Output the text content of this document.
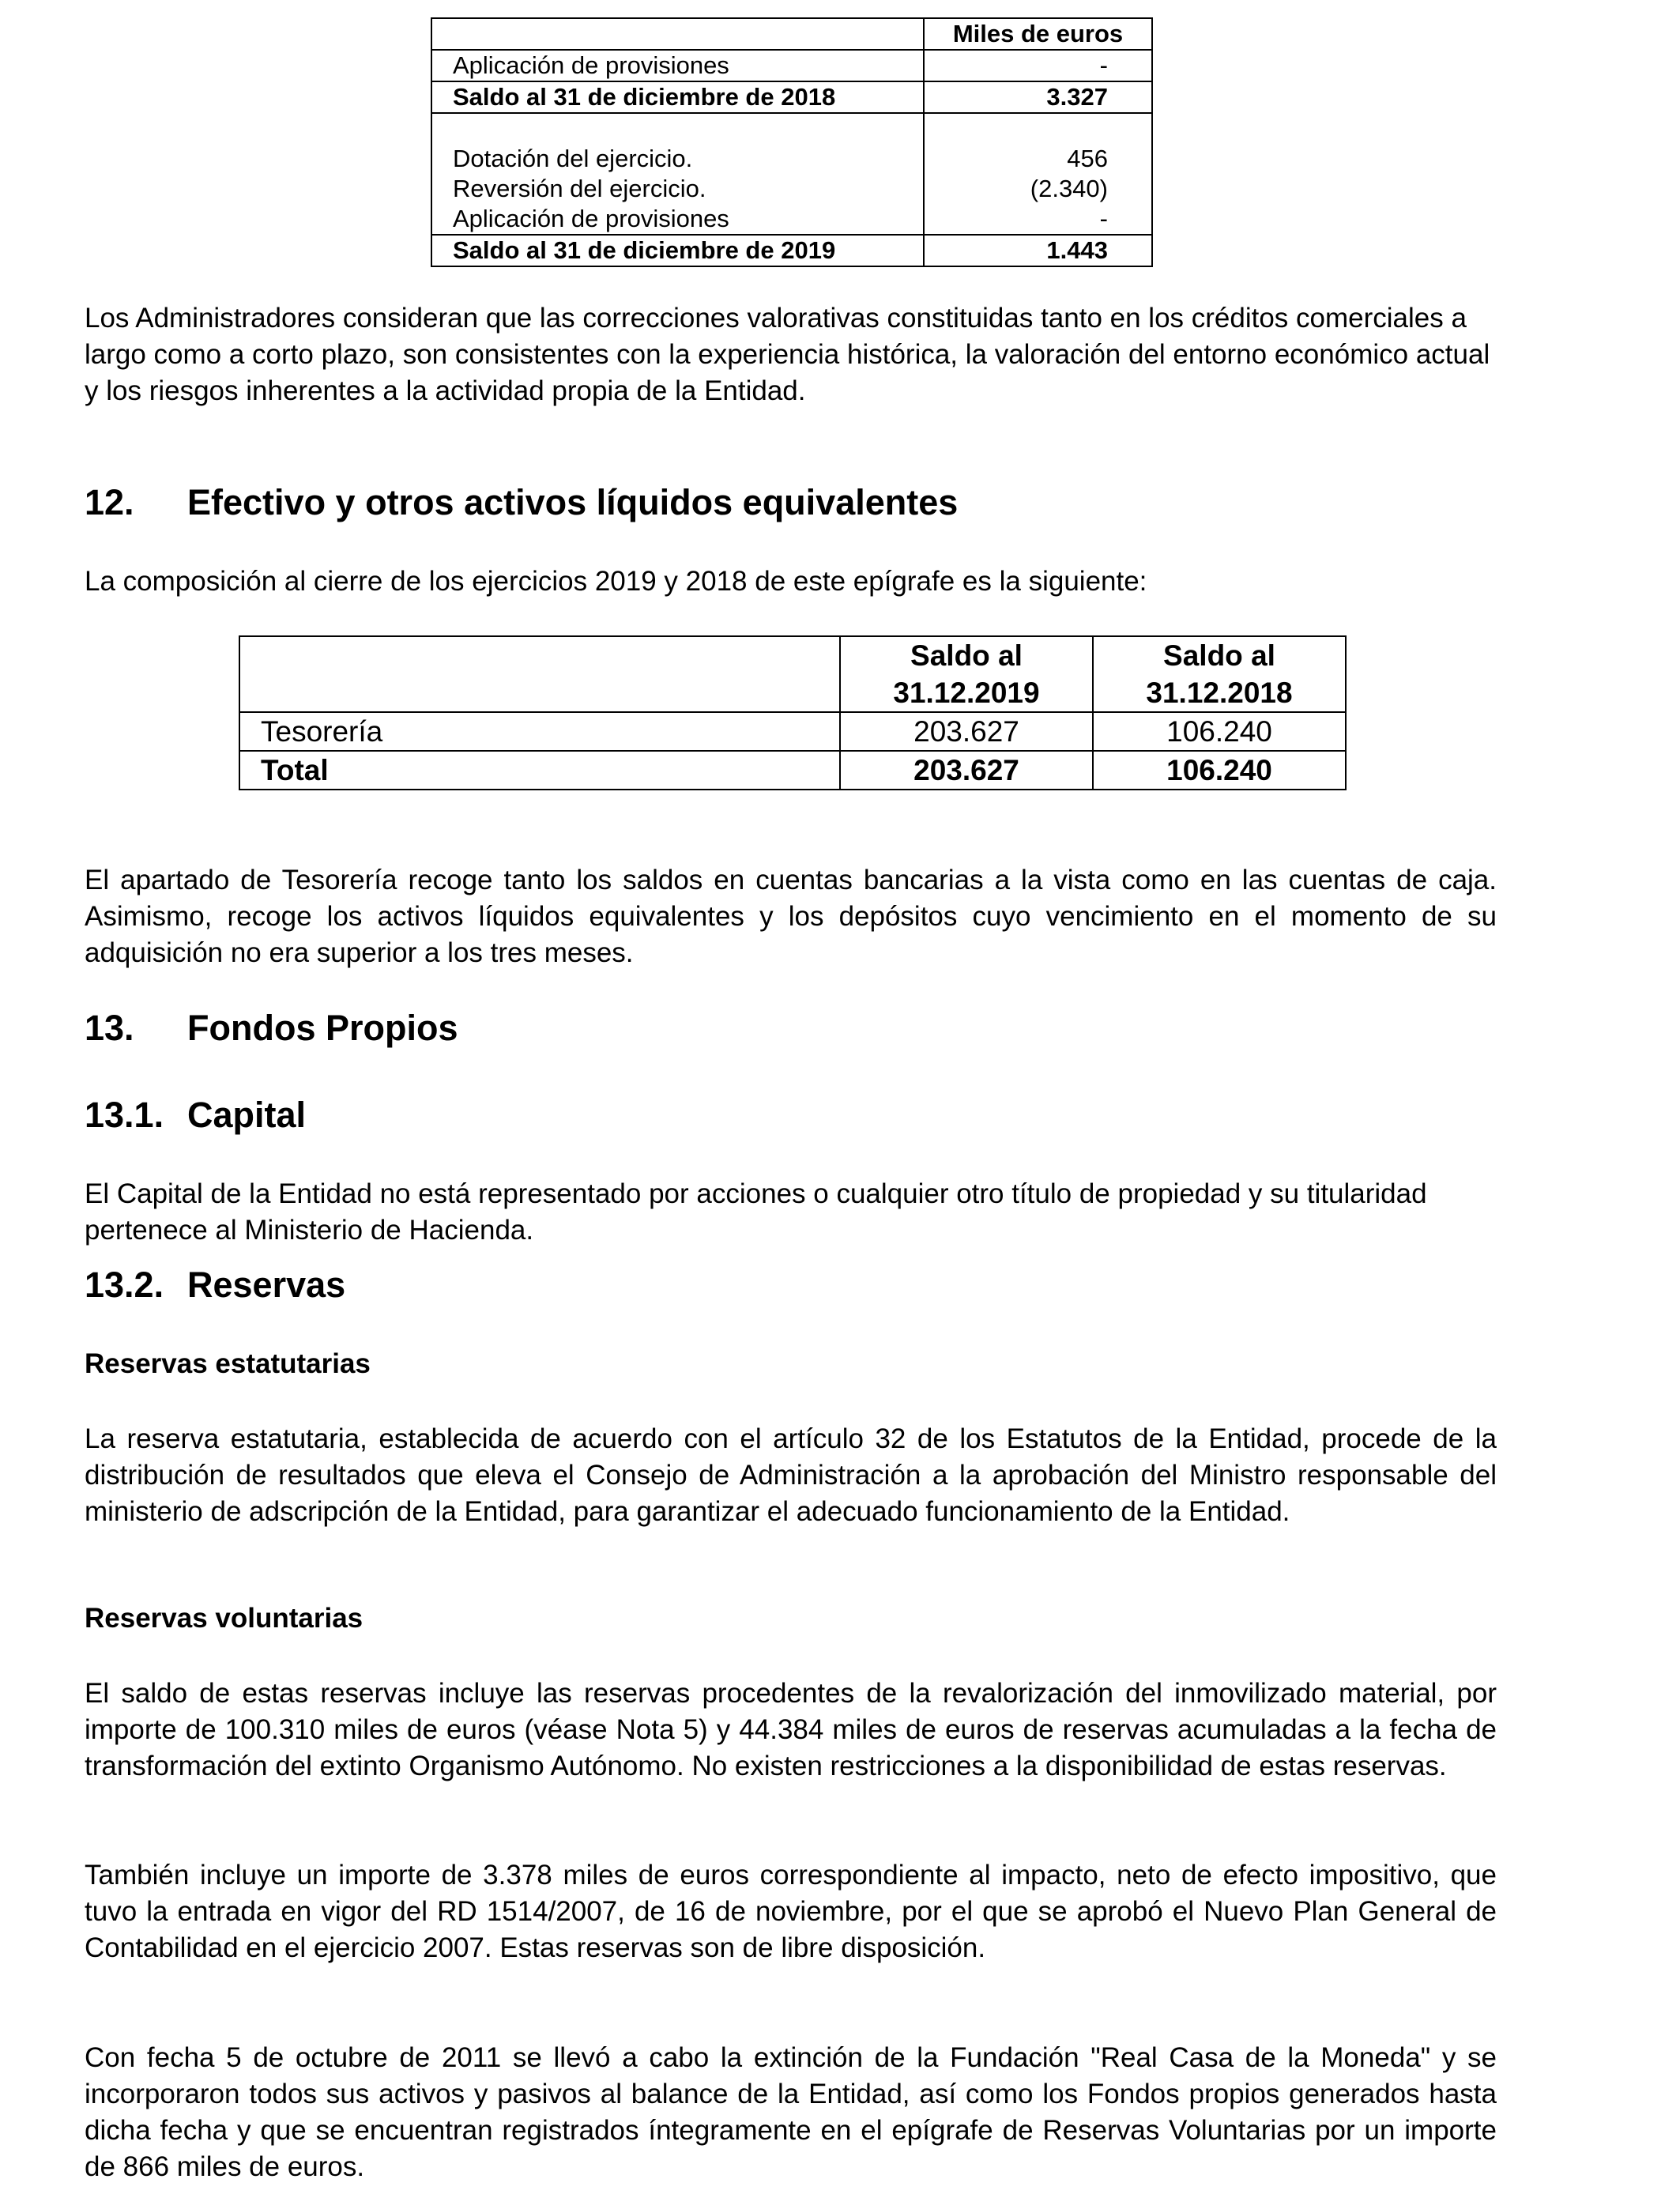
	Miles de euros
Aplicación de provisiones	-
Saldo al 31 de diciembre de 2018	3.327

Dotación del ejercicio.	456
Reversión del ejercicio.	(2.340)
Aplicación de provisiones	-
Saldo al 31 de diciembre de 2019	1.443

Los Administradores consideran que las correcciones valorativas constituidas tanto en los créditos comerciales a largo como a corto plazo, son consistentes con la experiencia histórica, la valoración del entorno económico actual y los riesgos inherentes a la actividad propia de la Entidad.

12. Efectivo y otros activos líquidos equivalentes

La composición al cierre de los ejercicios 2019 y 2018 de este epígrafe es la siguiente:

	Saldo al 31.12.2019	Saldo al 31.12.2018
Tesorería	203.627	106.240
Total	203.627	106.240

El apartado de Tesorería recoge tanto los saldos en cuentas bancarias a la vista como en las cuentas de caja. Asimismo, recoge los activos líquidos equivalentes y los depósitos cuyo vencimiento en el momento de su adquisición no era superior a los tres meses.

13. Fondos Propios
13.1. Capital

El Capital de la Entidad no está representado por acciones o cualquier otro título de propiedad y su titularidad pertenece al Ministerio de Hacienda.

13.2. Reservas
Reservas estatutarias

La reserva estatutaria, establecida de acuerdo con el artículo 32 de los Estatutos de la Entidad, procede de la distribución de resultados que eleva el Consejo de Administración a la aprobación del Ministro responsable del ministerio de adscripción de la Entidad, para garantizar el adecuado funcionamiento de la Entidad.

Reservas voluntarias

El saldo de estas reservas incluye las reservas procedentes de la revalorización del inmovilizado material, por importe de 100.310 miles de euros (véase Nota 5) y 44.384 miles de euros de reservas acumuladas a la fecha de transformación del extinto Organismo Autónomo. No existen restricciones a la disponibilidad de estas reservas.

También incluye un importe de 3.378 miles de euros correspondiente al impacto, neto de efecto impositivo, que tuvo la entrada en vigor del RD 1514/2007, de 16 de noviembre, por el que se aprobó el Nuevo Plan General de Contabilidad en el ejercicio 2007. Estas reservas son de libre disposición.

Con fecha 5 de octubre de 2011 se llevó a cabo la extinción de la Fundación "Real Casa de la Moneda" y se incorporaron todos sus activos y pasivos al balance de la Entidad, así como los Fondos propios generados hasta dicha fecha y que se encuentran registrados íntegramente en el epígrafe de Reservas Voluntarias por un importe de 866 miles de euros.
